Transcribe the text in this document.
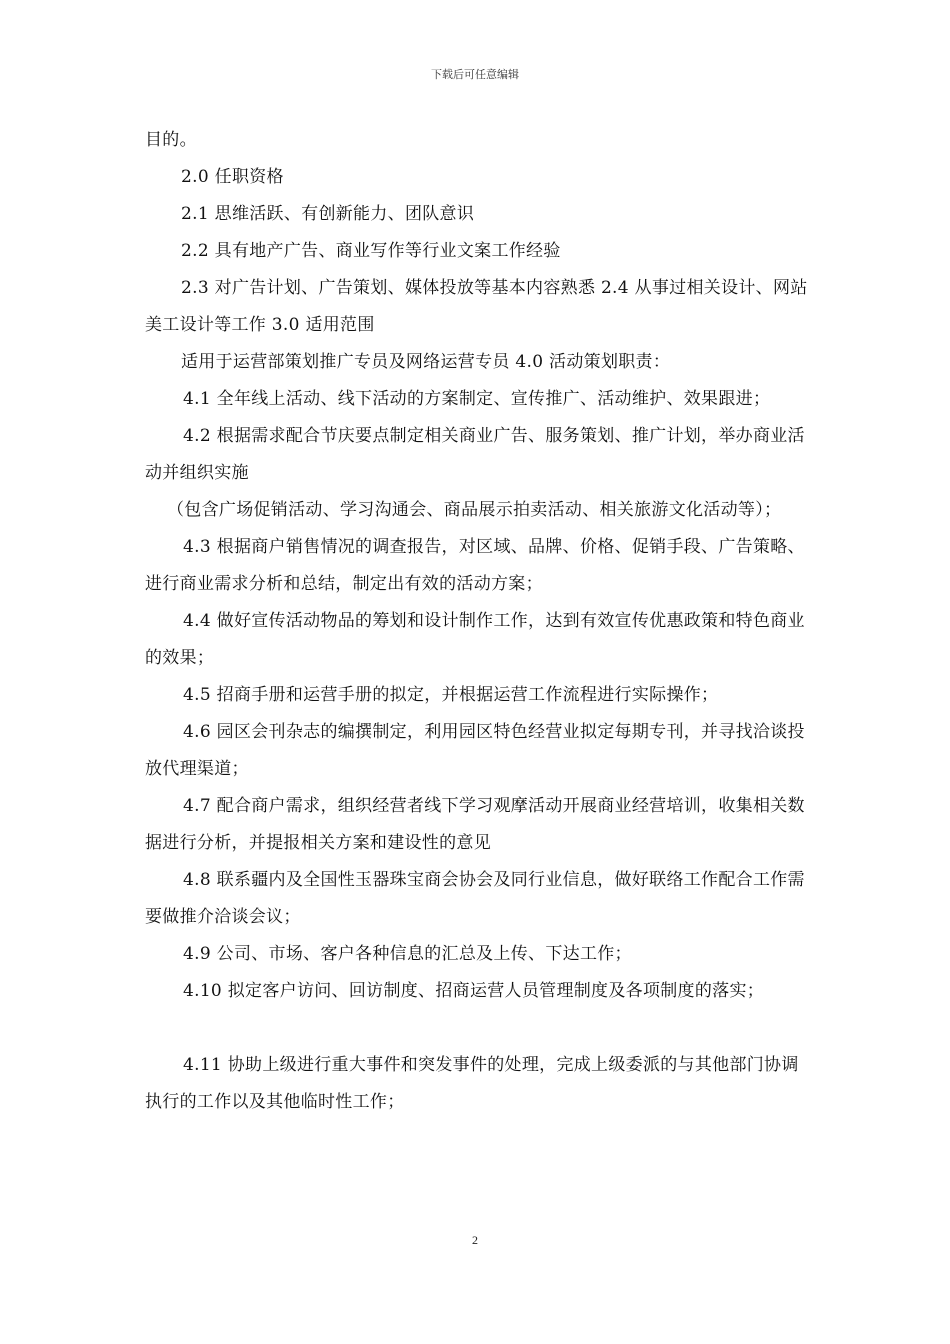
下载后可任意编辑

目的。

2.0 任职资格

2.1 思维活跃、有创新能力、团队意识

2.2 具有地产广告、商业写作等行业文案工作经验

2.3 对广告计划、广告策划、媒体投放等基本内容熟悉 2.4 从事过相关设计、网站美工设计等工作 3.0 适用范围

适用于运营部策划推广专员及网络运营专员 4.0 活动策划职责：

4.1 全年线上活动、线下活动的方案制定、宣传推广、活动维护、效果跟进；

4.2 根据需求配合节庆要点制定相关商业广告、服务策划、推广计划，举办商业活动并组织实施

（包含广场促销活动、学习沟通会、商品展示拍卖活动、相关旅游文化活动等）；

4.3 根据商户销售情况的调查报告，对区域、品牌、价格、促销手段、广告策略、进行商业需求分析和总结，制定出有效的活动方案；

4.4 做好宣传活动物品的筹划和设计制作工作，达到有效宣传优惠政策和特色商业的效果；

4.5 招商手册和运营手册的拟定，并根据运营工作流程进行实际操作；

4.6 园区会刊杂志的编撰制定，利用园区特色经营业拟定每期专刊，并寻找洽谈投放代理渠道；

4.7 配合商户需求，组织经营者线下学习观摩活动开展商业经营培训，收集相关数据进行分析，并提报相关方案和建设性的意见

4.8 联系疆内及全国性玉器珠宝商会协会及同行业信息，做好联络工作配合工作需要做推介洽谈会议；

4.9 公司、市场、客户各种信息的汇总及上传、下达工作；

4.10 拟定客户访问、回访制度、招商运营人员管理制度及各项制度的落实；

4.11 协助上级进行重大事件和突发事件的处理，完成上级委派的与其他部门协调执行的工作以及其他临时性工作；

2
